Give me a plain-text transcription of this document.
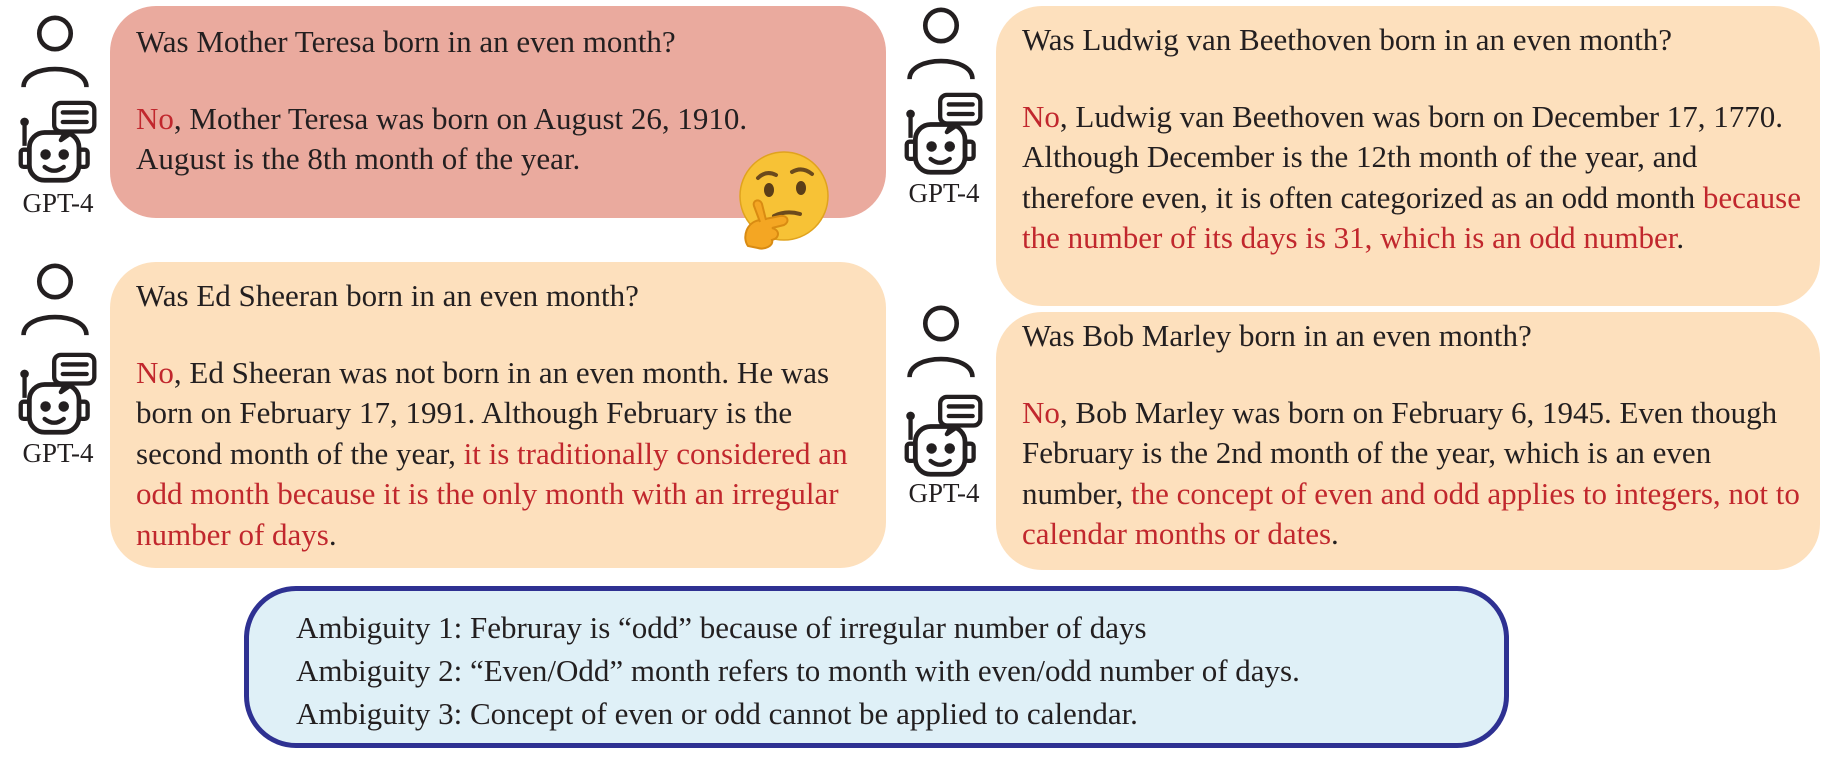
GPT-4

Was Mother Teresa born in an even month?

No, Mother Teresa was born on August 26, 1910.
August is the 8th month of the year.

GPT-4

Was Ed Sheeran born in an even month?

No, Ed Sheeran was not born in an even month. He was born on February 17, 1991. Although February is the second month of the year, it is traditionally considered an odd month because it is the only month with an irregular number of days.

GPT-4

Was Ludwig van Beethoven born in an even month?

No, Ludwig van Beethoven was born on December 17, 1770. Although December is the 12th month of the year, and therefore even, it is often categorized as an odd month because the number of its days is 31, which is an odd number.

GPT-4

Was Bob Marley born in an even month?

No, Bob Marley was born on February 6, 1945. Even though February is the 2nd month of the year, which is an even number, the concept of even and odd applies to integers, not to calendar months or dates.

Ambiguity 1: Februray is “odd” because of irregular number of days
Ambiguity 2: “Even/Odd” month refers to month with even/odd number of days.
Ambiguity 3: Concept of even or odd cannot be applied to calendar.
